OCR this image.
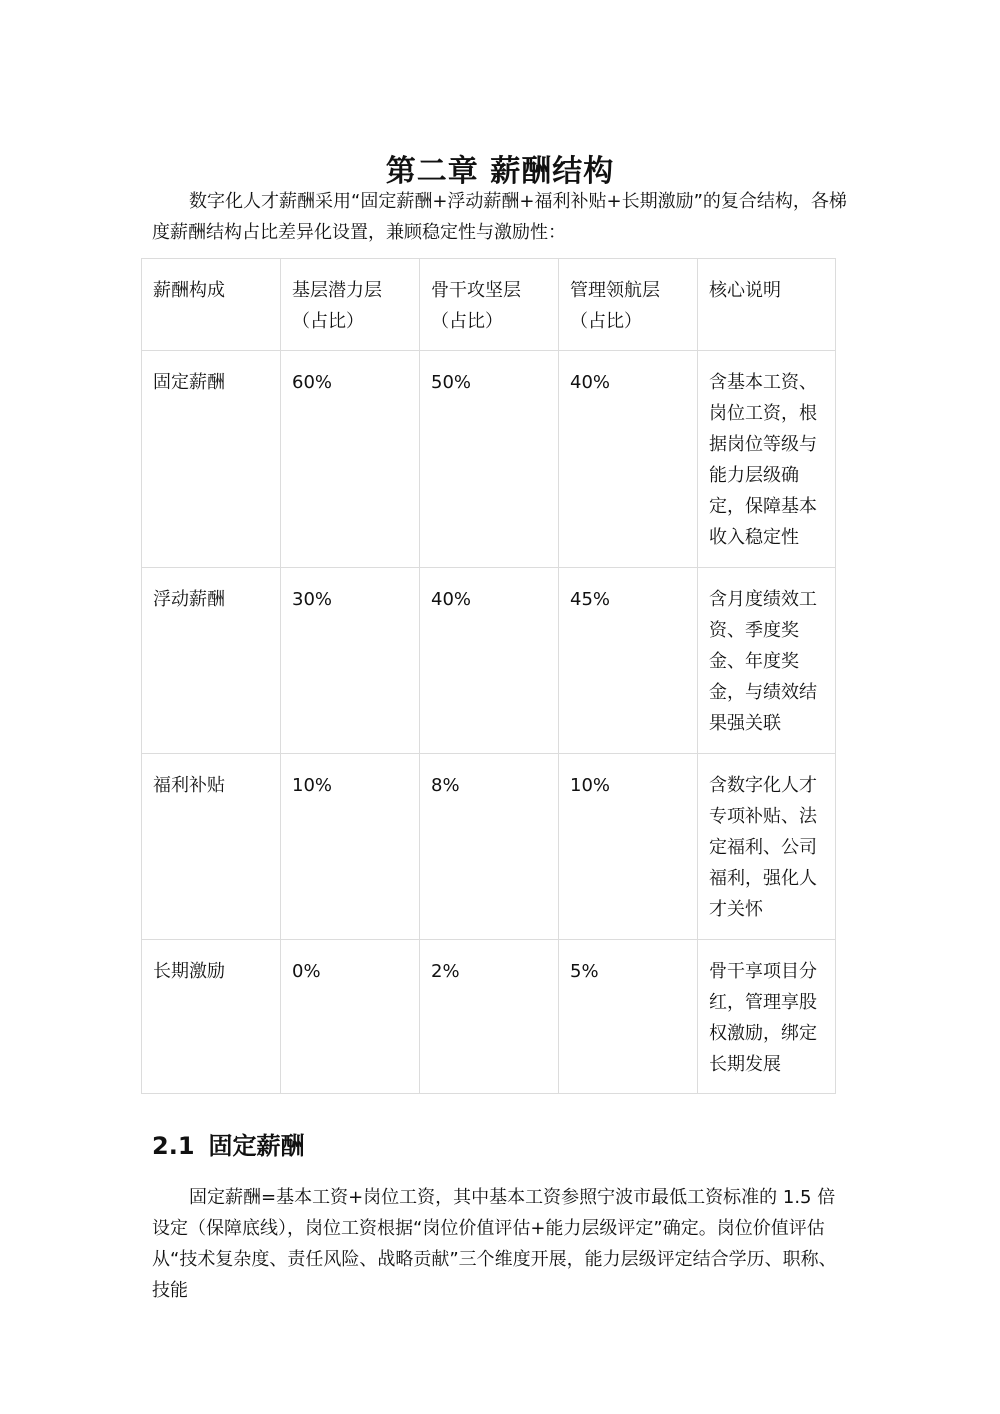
第二章 薪酬结构

数字化人才薪酬采用“固定薪酬+浮动薪酬+福利补贴+长期激励”的复合结构，各梯度薪酬结构占比差异化设置，兼顾稳定性与激励性：

薪酬构成	基层潜力层（占比）	骨干攻坚层（占比）	管理领航层（占比）	核心说明
固定薪酬	60%	50%	40%	含基本工资、岗位工资，根据岗位等级与能力层级确定，保障基本收入稳定性
浮动薪酬	30%	40%	45%	含月度绩效工资、季度奖金、年度奖金，与绩效结果强关联
福利补贴	10%	8%	10%	含数字化人才专项补贴、法定福利、公司福利，强化人才关怀
长期激励	0%	2%	5%	骨干享项目分红，管理享股权激励，绑定长期发展
2.1 固定薪酬

固定薪酬=基本工资+岗位工资，其中基本工资参照宁波市最低工资标准的 1.5 倍设定（保障底线），岗位工资根据“岗位价值评估+能力层级评定”确定。岗位价值评估从“技术复杂度、责任风险、战略贡献”三个维度开展，能力层级评定结合学历、职称、技能
